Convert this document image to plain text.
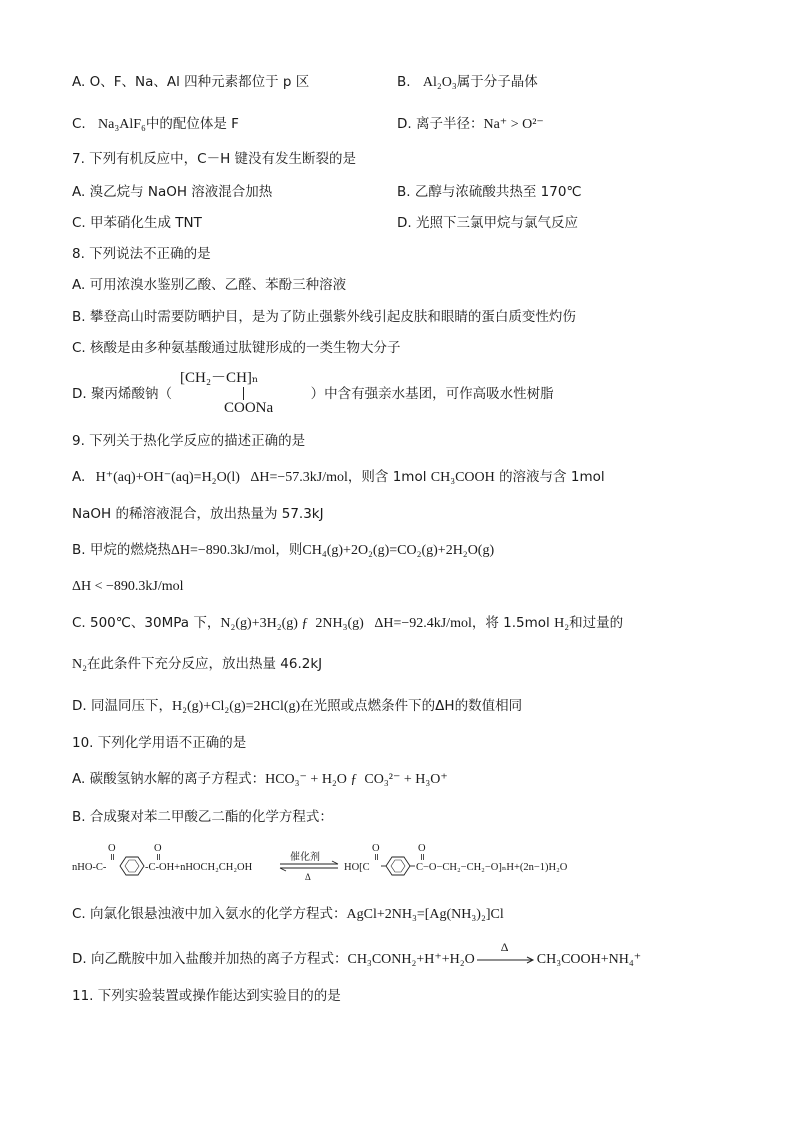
A. O、F、Na、Al 四种元素都位于 p 区	B. Al₂O₃属于分子晶体
C. Na₃AlF₆中的配位体是 F	D. 离子半径：Na⁺ > O²⁻
7. 下列有机反应中，C－H 键没有发生断裂的是
A. 溴乙烷与 NaOH 溶液混合加热	B. 乙醇与浓硫酸共热至 170℃
C. 甲苯硝化生成 TNT	D. 光照下三氯甲烷与氯气反应
8. 下列说法不正确的是
A. 可用浓溴水鉴别乙酸、乙醛、苯酚三种溶液
B. 攀登高山时需要防晒护目，是为了防止强紫外线引起皮肤和眼睛的蛋白质变性灼伤
C. 核酸是由多种氨基酸通过肽键形成的一类生物大分子
D. 聚丙烯酸钠（	）中含有强亲水基团，可作高吸水性树脂
[CH₂－CH]ₙ
COONa
9. 下列关于热化学反应的描述正确的是
A. H⁺(aq)+OH⁻(aq)=H₂O(l)   ΔH=−57.3kJ/mol，则含 1mol CH₃COOH 的溶液与含 1mol
NaOH 的稀溶液混合，放出热量为 57.3kJ
B. 甲烷的燃烧热ΔH=−890.3kJ/mol，则CH₄(g)+2O₂(g)=CO₂(g)+2H₂O(g)
ΔH < −890.3kJ/mol
C. 500℃、30MPa 下，N₂(g)+3H₂(g) ƒ  2NH₃(g)   ΔH=−92.4kJ/mol，将 1.5mol H₂和过量的
N₂在此条件下充分反应，放出热量 46.2kJ
D. 同温同压下，H₂(g)+Cl₂(g)=2HCl(g)在光照或点燃条件下的ΔH的数值相同
10. 下列化学用语不正确的是
A. 碳酸氢钠水解的离子方程式：HCO₃⁻ + H₂O ƒ  CO₃²⁻ + H₃O⁺
B. 合成聚对苯二甲酸乙二酯的化学方程式：
nHO-C-
O
-C-OH+nHOCH₂CH₂OH
O
催化剂
Δ
HO[C
O
C−O−CH₂−CH₂−O]ₙH+(2n−1)H₂O
O
C. 向氯化银悬浊液中加入氨水的化学方程式：AgCl+2NH₃=[Ag(NH₃)₂]Cl
D. 向乙酰胺中加入盐酸并加热的离子方程式：CH₃CONH₂+H⁺+H₂O
Δ
CH₃COOH+NH₄⁺
11. 下列实验装置或操作能达到实验目的的是
